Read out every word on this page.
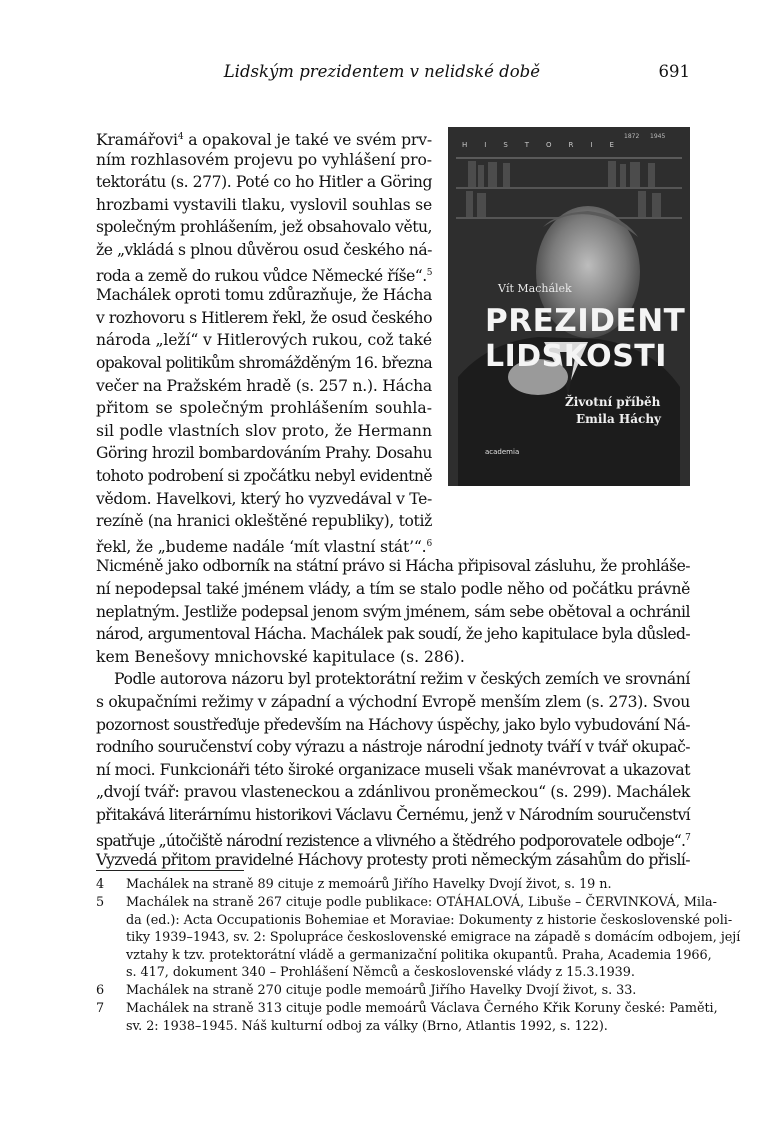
Lidským prezidentem v nelidské době	691
HISTORIE
1872 1945
Vít Machálek
PREZIDENT
LIDSKOSTI
Životní příběh
Emila Háchy
academia
Kramářovi$^4$ a opakoval je také ve svém prv-
ním rozhlasovém projevu po vyhlášení pro-
tektorátu (s. 277). Poté co ho Hitler a Göring
hrozbami vystavili tlaku, vyslovil souhlas se
společným prohlášením, jež obsahovalo větu,
že „vkládá s plnou důvěrou osud českého ná-
roda a země do rukou vůdce Německé říše“.$^5$
Machálek oproti tomu zdůrazňuje, že Hácha
v rozhovoru s Hitlerem řekl, že osud českého
národa „leží“ v Hitlerových rukou, což také
opakoval politikům shromážděným 16. března
večer na Pražském hradě (s. 257 n.). Hácha
přitom se společným prohlášením souhla-
sil podle vlastních slov proto, že Hermann
Göring hrozil bombardováním Prahy. Dosahu
tohoto podrobení si zpočátku nebyl evidentně
vědom. Havelkovi, který ho vyzvedával v Te-
rezíně (na hranici okleštěné republiky), totiž
řekl, že „budeme nadále ‘mít vlastní stát’“.$^6$
Nicméně jako odborník na státní právo si Hácha připisoval zásluhu, že prohláše-
ní nepodepsal také jménem vlády, a tím se stalo podle něho od počátku právně
neplatným. Jestliže podepsal jenom svým jménem, sám sebe obětoval a ochránil
národ, argumentoval Hácha. Machálek pak soudí, že jeho kapitulace byla důsled-
kem Benešovy mnichovské kapitulace (s. 286).
Podle autorova názoru byl protektorátní režim v českých zemích ve srovnání
s okupačními režimy v západní a východní Evropě menším zlem (s. 273). Svou
pozornost soustřeďuje především na Háchovy úspěchy, jako bylo vybudování Ná-
rodního souručenství coby výrazu a nástroje národní jednoty tváří v tvář okupač-
ní moci. Funkcionáři této široké organizace museli však manévrovat a ukazovat
„dvojí tvář: pravou vlasteneckou a zdánlivou proněmeckou“ (s. 299). Machálek
přitakává literárnímu historikovi Václavu Černému, jenž v Národním souručenství
spatřuje „útočiště národní rezistence a vlivného a štědrého podporovatele odboje“.$^7$
Vyzvedá přitom pravidelné Háchovy protesty proti německým zásahům do přislí-
4 Machálek na straně 89 cituje z memoárů Jiřího Havelky Dvojí život, s. 19 n.
5 Machálek na straně 267 cituje podle publikace: OTÁHALOVÁ, Libuše – ČERVINKOVÁ, Mila-
da (ed.): Acta Occupationis Bohemiae et Moraviae: Dokumenty z historie československé poli-
tiky 1939–1943, sv. 2: Spolupráce československé emigrace na západě s domácím odbojem, její
vztahy k tzv. protektorátní vládě a germanizační politika okupantů. Praha, Academia 1966,
s. 417, dokument 340 – Prohlášení Němců a československé vlády z 15.3.1939.
6 Machálek na straně 270 cituje podle memoárů Jiřího Havelky Dvojí život, s. 33.
7 Machálek na straně 313 cituje podle memoárů Václava Černého Křik Koruny české: Paměti,
sv. 2: 1938–1945. Náš kulturní odboj za války (Brno, Atlantis 1992, s. 122).
